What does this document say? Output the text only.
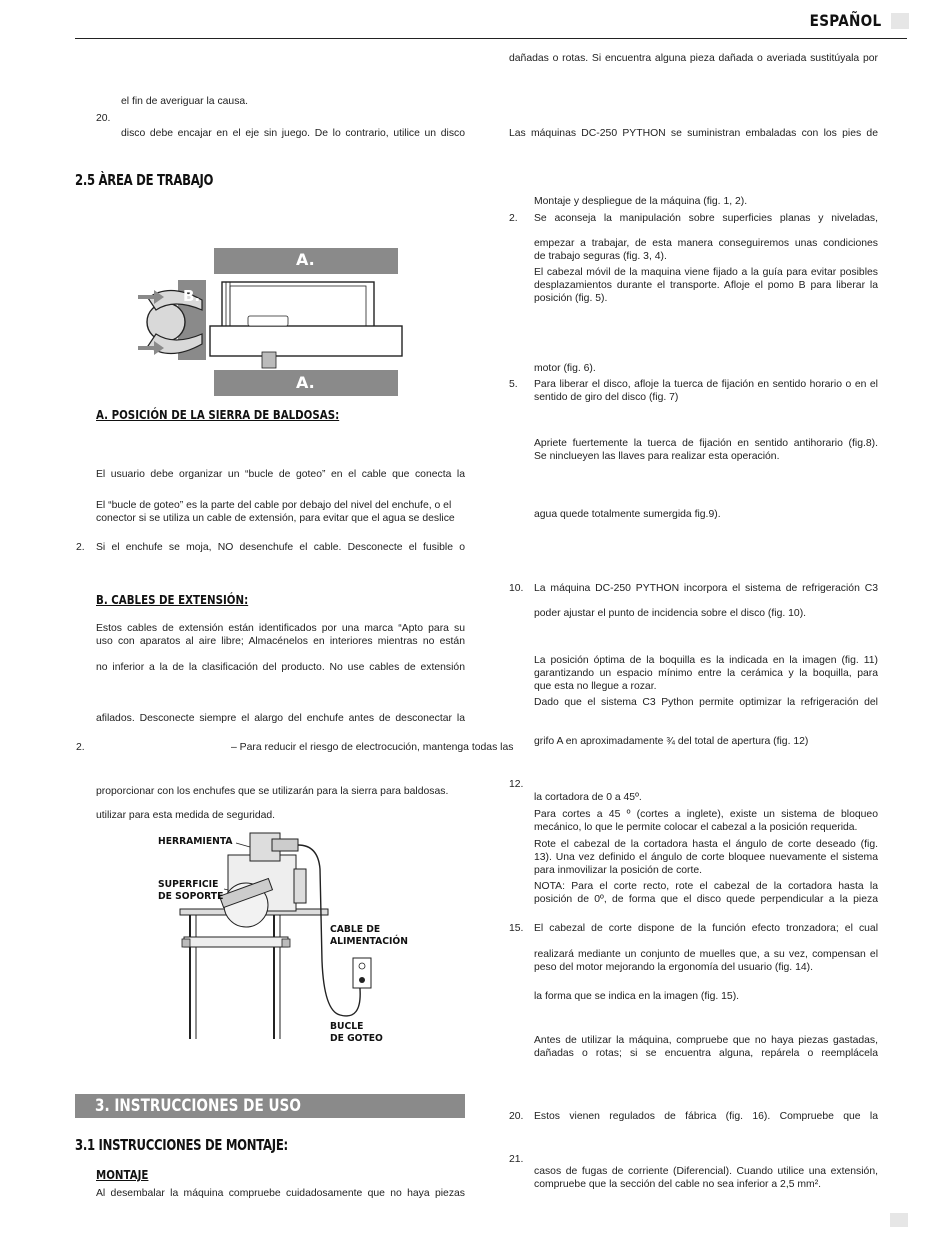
ESPAÑOL
el fin de averiguar la causa.
20.
disco debe encajar en el eje sin juego. De lo contrario, utilice un disco
2.5 ÀREA DE TRABAJO
A.
A.
B.
A. POSICIÓN DE LA SIERRA DE BALDOSAS:
El usuario debe organizar un “bucle de goteo” en el cable que conecta la
El “bucle de goteo” es la parte del cable por debajo del nivel del enchufe, o el
conector si se utiliza un cable de extensión, para evitar que el agua se deslice
2. Si el enchufe se moja, NO desenchufe el cable. Desconecte el fusible o
B. CABLES DE EXTENSIÓN:
Estos cables de extensión están identificados por una marca “Apto para su
uso con aparatos al aire libre; Almacénelos en interiores mientras no están
no inferior a la de la clasificación del producto. No use cables de extensión
afilados. Desconecte siempre el alargo del enchufe antes de desconectar la
2.	– Para reducir el riesgo de electrocución, mantenga todas las
proporcionar con los enchufes que se utilizarán para la sierra para baldosas.
utilizar para esta medida de seguridad.
HERRAMIENTA
SUPERFICIE
DE SOPORTE
CABLE DE
ALIMENTACIÓN
BUCLE
DE GOTEO
3. INSTRUCCIONES DE USO
3.1 INSTRUCCIONES DE MONTAJE:
MONTAJE
Al desembalar la máquina compruebe cuidadosamente que no haya piezas
dañadas o rotas. Si encuentra alguna pieza dañada o averiada sustitúyala por
Las máquinas DC-250 PYTHON se suministran embaladas con los pies de
Montaje y despliegue de la máquina (fig. 1, 2).
2. Se aconseja la manipulación sobre superficies planas y niveladas,
empezar a trabajar, de esta manera conseguiremos unas condiciones
de trabajo seguras (fig. 3, 4).
El cabezal móvil de la maquina viene fijado a la guía para evitar posibles
desplazamientos durante el transporte. Afloje el pomo B para liberar la
posición (fig. 5).
motor (fig. 6).
5. Para liberar el disco, afloje la tuerca de fijación en sentido horario o en el
sentido de giro del disco (fig. 7)
Apriete fuertemente la tuerca de fijación en sentido antihorario (fig.8).
Se ninclueyen las llaves para realizar esta operación.
agua quede totalmente sumergida fig.9).
10. La máquina DC-250 PYTHON incorpora el sistema de refrigeración C3
poder ajustar el punto de incidencia sobre el disco (fig. 10).
La posición óptima de la boquilla es la indicada en la imagen (fig. 11)
garantizando un espacio mínimo entre la cerámica y la boquilla, para
que esta no llegue a rozar.
Dado que el sistema C3 Python permite optimizar la refrigeración del
grifo A en aproximadamente ¾ del total de apertura (fig. 12)
12.
la cortadora de 0 a 45º.
Para cortes a 45 º (cortes a inglete), existe un sistema de bloqueo
mecánico, lo que le permite colocar el cabezal a la posición requerida.
Rote el cabezal de la cortadora hasta el ángulo de corte deseado (fig.
13). Una vez definido el ángulo de corte bloquee nuevamente el sistema
para inmovilizar la posición de corte.
NOTA: Para el corte recto, rote el cabezal de la cortadora hasta la
posición de 0º, de forma que el disco quede perpendicular a la pieza
15. El cabezal de corte dispone de la función efecto tronzadora; el cual
realizará mediante un conjunto de muelles que, a su vez, compensan el
peso del motor mejorando la ergonomía del usuario (fig. 14).
la forma que se indica en la imagen (fig. 15).
Antes de utilizar la máquina, compruebe que no haya piezas gastadas,
dañadas o rotas; si se encuentra alguna, repárela o reemplácela
20. Estos vienen regulados de fábrica (fig. 16). Compruebe que la
21.
casos de fugas de corriente (Diferencial). Cuando utilice una extensión,
compruebe que la sección del cable no sea inferior a 2,5 mm².
